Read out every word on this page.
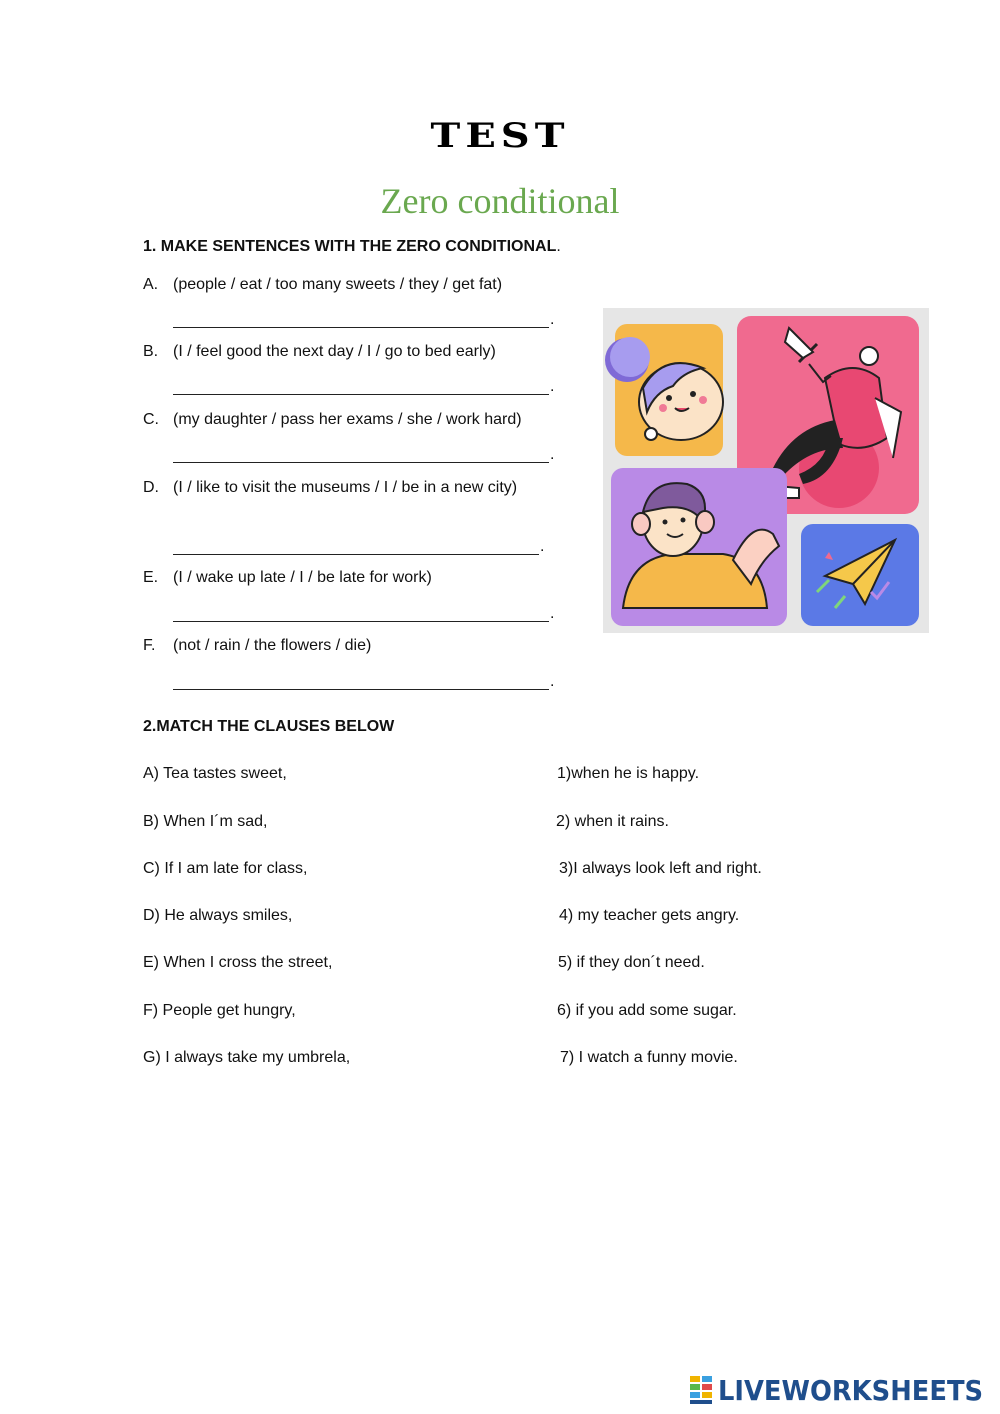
TEST
Zero conditional
1. MAKE SENTENCES WITH THE ZERO CONDITIONAL.
A. (people / eat / too many sweets / they / get fat)
.
B. (I / feel good the next day / I / go to bed early)
.
C. (my daughter / pass her exams / she / work hard)
.
D. (I / like to visit the museums / I / be in a new city)
.
E. (I / wake up late / I / be late for work)
.
F. (not / rain / the flowers / die)
.
2.MATCH THE CLAUSES BELOW
A) Tea tastes sweet,
B) When I´m sad,
C) If I am late for class,
D) He always smiles,
E) When I cross the street,
F) People get hungry,
G) I always take my umbrela,
1)when he is happy.
2) when it rains.
3)I always look left and right.
4) my teacher gets angry.
5) if they don´t need.
6) if you add some sugar.
7) I watch a funny movie.
LIVEWORKSHEETS
